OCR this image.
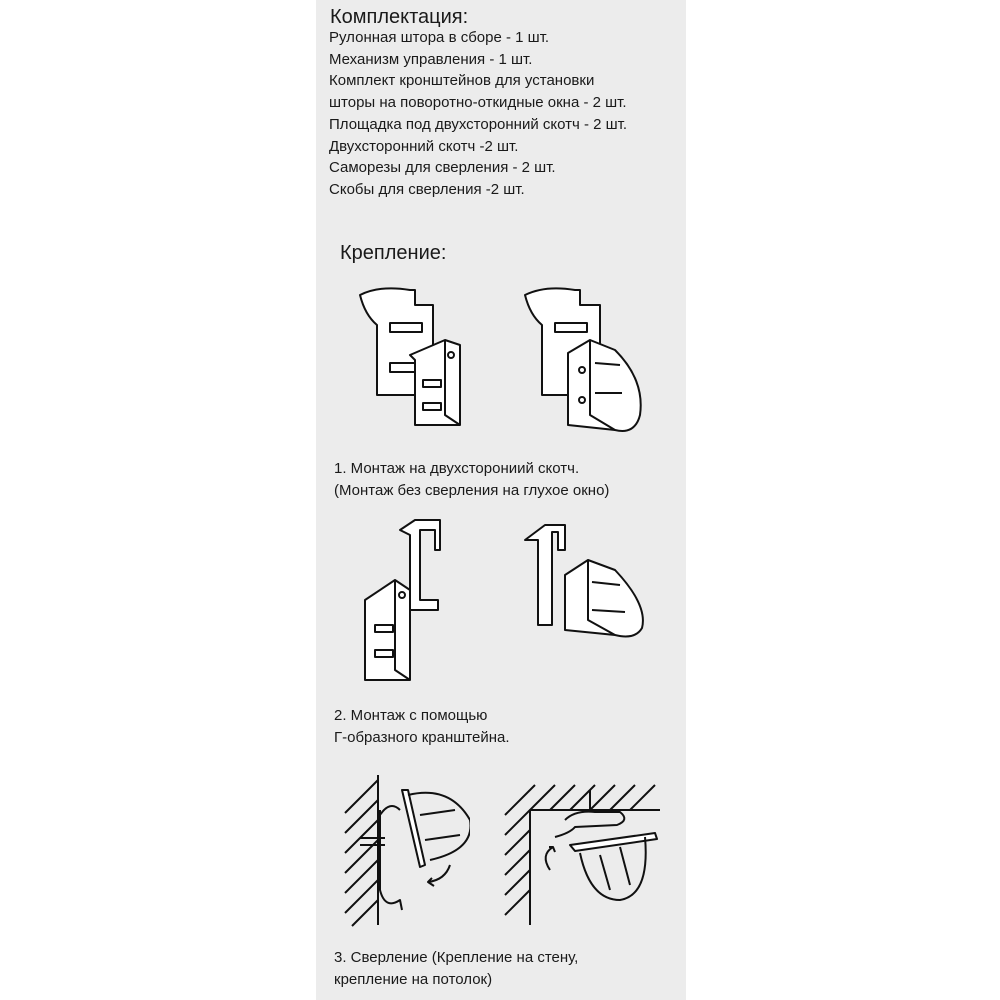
Комплектация:
Рулонная штора в сборе - 1 шт.
Механизм управления - 1 шт.
Комплект кронштейнов для установки
шторы на поворотно-откидные окна - 2 шт.
Площадка под двухсторонний скотч - 2 шт.
Двухсторонний скотч -2 шт.
Саморезы для сверления - 2 шт.
Скобы для сверления -2 шт.
Крепление:
1. Монтаж на двухсторониий скотч.
(Монтаж без сверления на глухое окно)
2. Монтаж с помощью
Г-образного кранштейна.
3. Сверление (Крепление на стену,
крепление на потолок)
